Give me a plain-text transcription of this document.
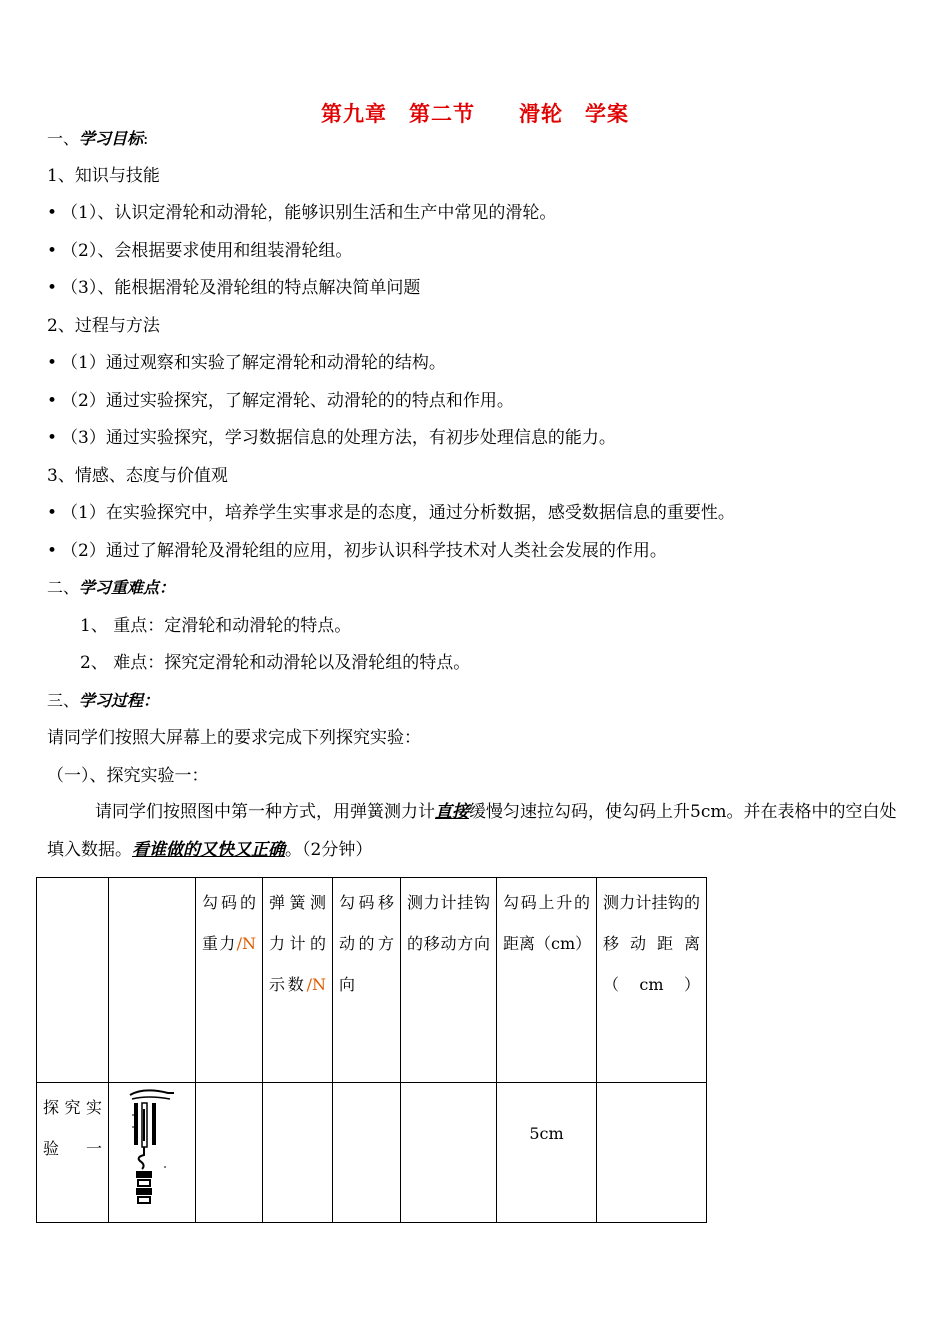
第九章　第二节　　滑轮　学案
一、学习目标:
1、知识与技能
• （1）、认识定滑轮和动滑轮，能够识别生活和生产中常见的滑轮。
• （2）、会根据要求使用和组装滑轮组。
• （3）、能根据滑轮及滑轮组的特点解决简单问题
2、过程与方法
• （1）通过观察和实验了解定滑轮和动滑轮的结构。
• （2）通过实验探究，了解定滑轮、动滑轮的的特点和作用。
• （3）通过实验探究，学习数据信息的处理方法，有初步处理信息的能力。
3、情感、态度与价值观
• （1）在实验探究中，培养学生实事求是的态度，通过分析数据，感受数据信息的重要性。
• （2）通过了解滑轮及滑轮组的应用，初步认识科学技术对人类社会发展的作用。
二、学习重难点：
1、 重点：定滑轮和动滑轮的特点。
2、 难点：探究定滑轮和动滑轮以及滑轮组的特点。
三、学习过程：
请同学们按照大屏幕上的要求完成下列探究实验：
（一）、探究实验一：
请同学们按照图中第一种方式，用弹簧测力计直接缓慢匀速拉勾码，使勾码上升5cm。并在表格中的空白处填入数据。看谁做的又快又正确。（2分钟）
		勾码的重力/N	弹簧测力计的示数/N	勾码移动的方向	测力计挂钩的移动方向	勾码上升的距离（cm）	测力计挂钩的移动距离（cm）
探究实验一						5cm	
